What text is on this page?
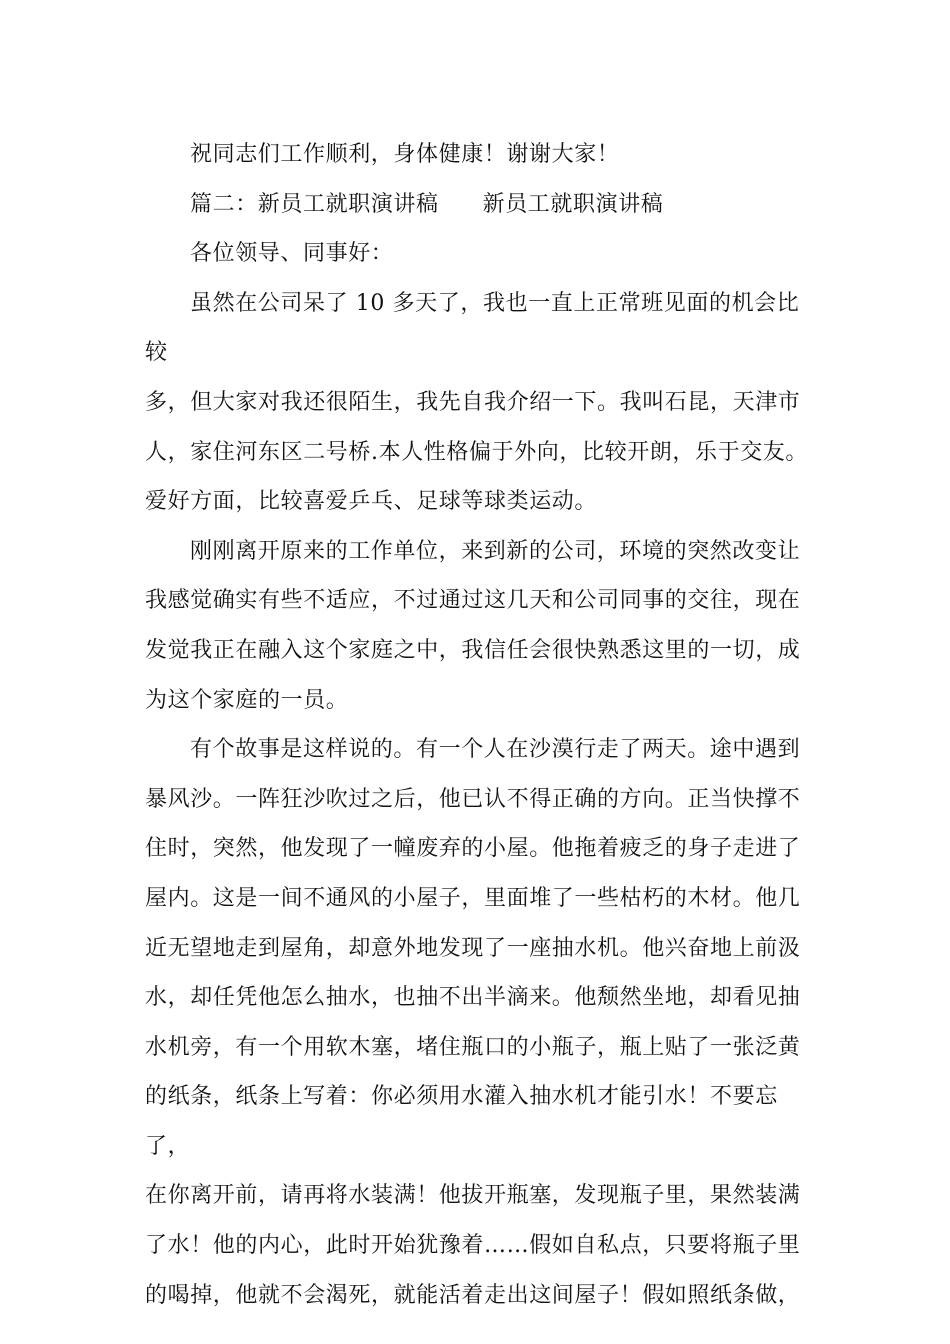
祝同志们工作顺利，身体健康！谢谢大家！

篇二：新员工就职演讲稿 新员工就职演讲稿

各位领导、同事好：

虽然在公司呆了 10 多天了，我也一直上正常班见面的机会比较

多，但大家对我还很陌生，我先自我介绍一下。我叫石昆，天津市

人，家住河东区二号桥.本人性格偏于外向，比较开朗，乐于交友。

爱好方面，比较喜爱乒乓、足球等球类运动。

刚刚离开原来的工作单位，来到新的公司，环境的突然改变让

我感觉确实有些不适应，不过通过这几天和公司同事的交往，现在

发觉我正在融入这个家庭之中，我信任会很快熟悉这里的一切，成

为这个家庭的一员。

有个故事是这样说的。有一个人在沙漠行走了两天。途中遇到

暴风沙。一阵狂沙吹过之后，他已认不得正确的方向。正当快撑不

住时，突然，他发现了一幢废弃的小屋。他拖着疲乏的身子走进了

屋内。这是一间不通风的小屋子，里面堆了一些枯朽的木材。他几

近无望地走到屋角，却意外地发现了一座抽水机。他兴奋地上前汲

水，却任凭他怎么抽水，也抽不出半滴来。他颓然坐地，却看见抽

水机旁，有一个用软木塞，堵住瓶口的小瓶子，瓶上贴了一张泛黄

的纸条，纸条上写着：你必须用水灌入抽水机才能引水！不要忘了，

在你离开前，请再将水装满！他拔开瓶塞，发现瓶子里，果然装满

了水！他的内心，此时开始犹豫着……假如自私点，只要将瓶子里

的喝掉，他就不会渴死，就能活着走出这间屋子！假如照纸条做，
